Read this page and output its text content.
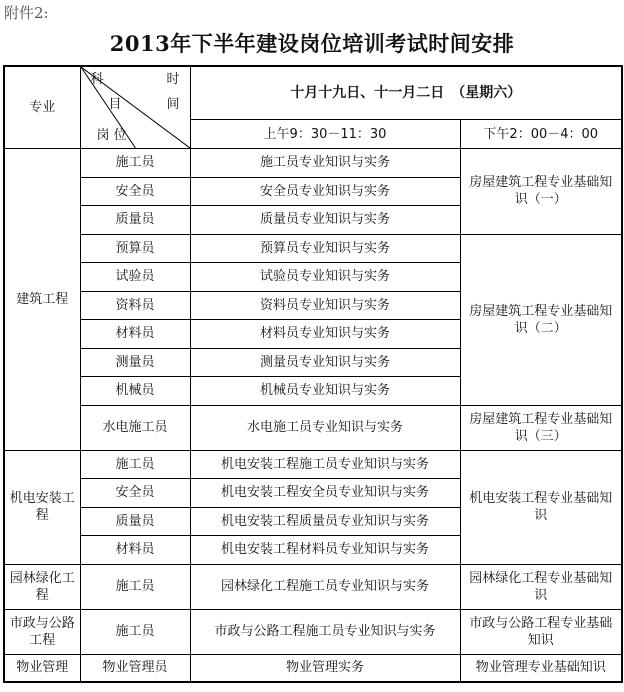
附件2:
2013年下半年建设岗位培训考试时间安排
专业	科 时
目 间
岗 位	十月十九日、十一月二日　（星期六）	
		上午9：30－11：30	下午2：00－4：00
建筑工程	施工员	施工员专业知识与实务	房屋建筑工程专业基础知识（一）
	安全员	安全员专业知识与实务	
	质量员	质量员专业知识与实务	
	预算员	预算员专业知识与实务	房屋建筑工程专业基础知识（二）
	试验员	试验员专业知识与实务	
	资料员	资料员专业知识与实务	
	材料员	材料员专业知识与实务	
	测量员	测量员专业知识与实务	
	机械员	机械员专业知识与实务	
	水电施工员	水电施工员专业知识与实务	房屋建筑工程专业基础知识（三）
机电安装工程	施工员	机电安装工程施工员专业知识与实务	机电安装工程专业基础知识
	安全员	机电安装工程安全员专业知识与实务	
	质量员	机电安装工程质量员专业知识与实务	
	材料员	机电安装工程材料员专业知识与实务	
园林绿化工程	施工员	园林绿化工程施工员专业知识与实务	园林绿化工程专业基础知识
市政与公路工程	施工员	市政与公路工程施工员专业知识与实务	市政与公路工程专业基础知识
物业管理	物业管理员	物业管理实务	物业管理专业基础知识
